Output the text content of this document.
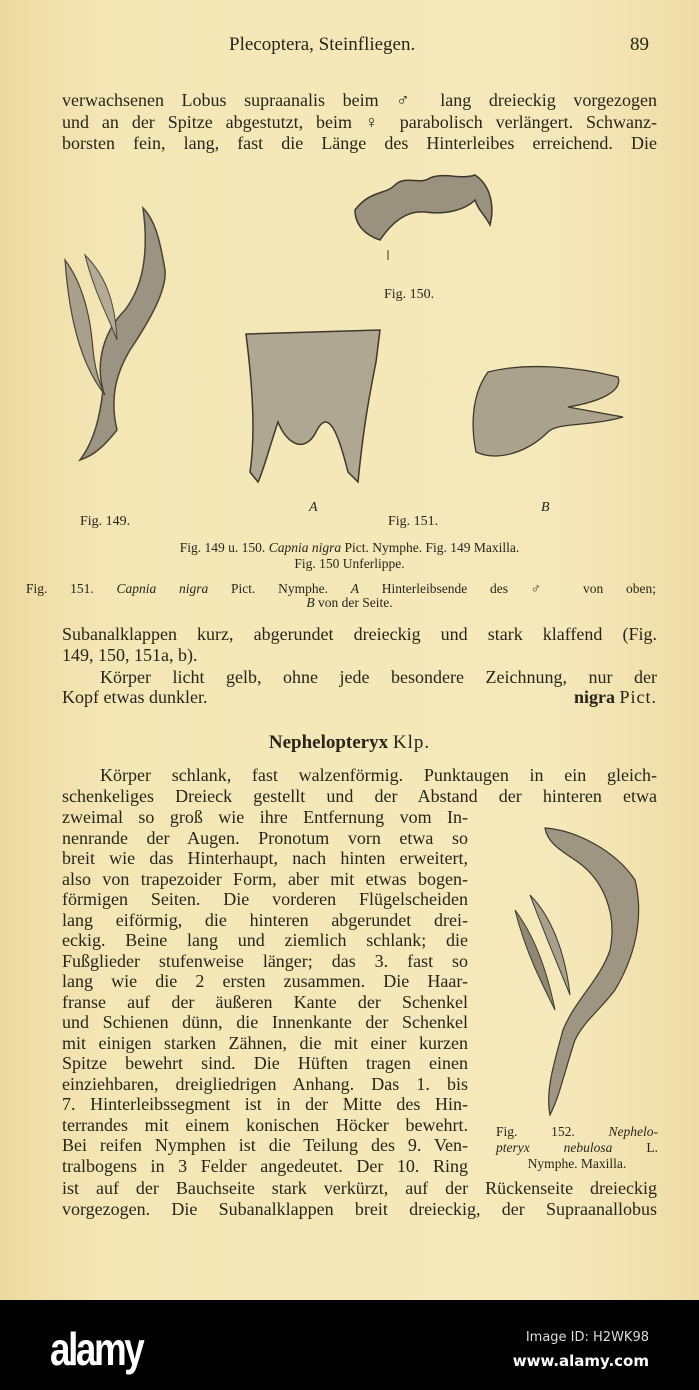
Plecoptera, Steinfliegen.	89
verwachsenen Lobus supraanalis beim ♂ lang dreieckig vorgezogen
und an der Spitze abgestutzt, beim ♀ parabolisch verlängert. Schwanz-
borsten fein, lang, fast die Länge des Hinterleibes erreichend. Die
Subanalklappen kurz, abgerundet dreieckig und stark klaffend (Fig.
149, 150, 151a, b).
Körper licht gelb, ohne jede besondere Zeichnung, nur der
Kopf etwas dunkler.
Körper schlank, fast walzenförmig. Punktaugen in ein gleich-
schenkeliges Dreieck gestellt und der Abstand der hinteren etwa
zweimal so groß wie ihre Entfernung vom In-
nenrande der Augen. Pronotum vorn etwa so
breit wie das Hinterhaupt, nach hinten erweitert,
also von trapezoider Form, aber mit etwas bogen-
förmigen Seiten. Die vorderen Flügelscheiden
lang eiförmig, die hinteren abgerundet drei-
eckig. Beine lang und ziemlich schlank; die
Fußglieder stufenweise länger; das 3. fast so
lang wie die 2 ersten zusammen. Die Haar-
franse auf der äußeren Kante der Schenkel
und Schienen dünn, die Innenkante der Schenkel
mit einigen starken Zähnen, die mit einer kurzen
Spitze bewehrt sind. Die Hüften tragen einen
einziehbaren, dreigliedrigen Anhang. Das 1. bis
7. Hinterleibssegment ist in der Mitte des Hin-
terrandes mit einem konischen Höcker bewehrt.
Bei reifen Nymphen ist die Teilung des 9. Ven-
tralbogens in 3 Felder angedeutet. Der 10. Ring
ist auf der Bauchseite stark verkürzt, auf der Rückenseite dreieckig
vorgezogen. Die Subanalklappen breit dreieckig, der Supraanallobus
Fig. 150.
A	B
Fig. 149.	Fig. 151.
Fig. 149 u. 150. Capnia nigra Pict. Nymphe. Fig. 149 Maxilla.
Fig. 150 Unferlippe.
Fig. 151. Capnia nigra Pict. Nymphe. A Hinterleibsende des ♂ von oben;
B von der Seite.
nigra Pict.
Nephelopteryx Klp.
Fig. 152.	Nephelo-
pteryx nebulosa	L.
Nymphe. Maxilla.
alamy	Image ID: H2WK98
www.alamy.com
